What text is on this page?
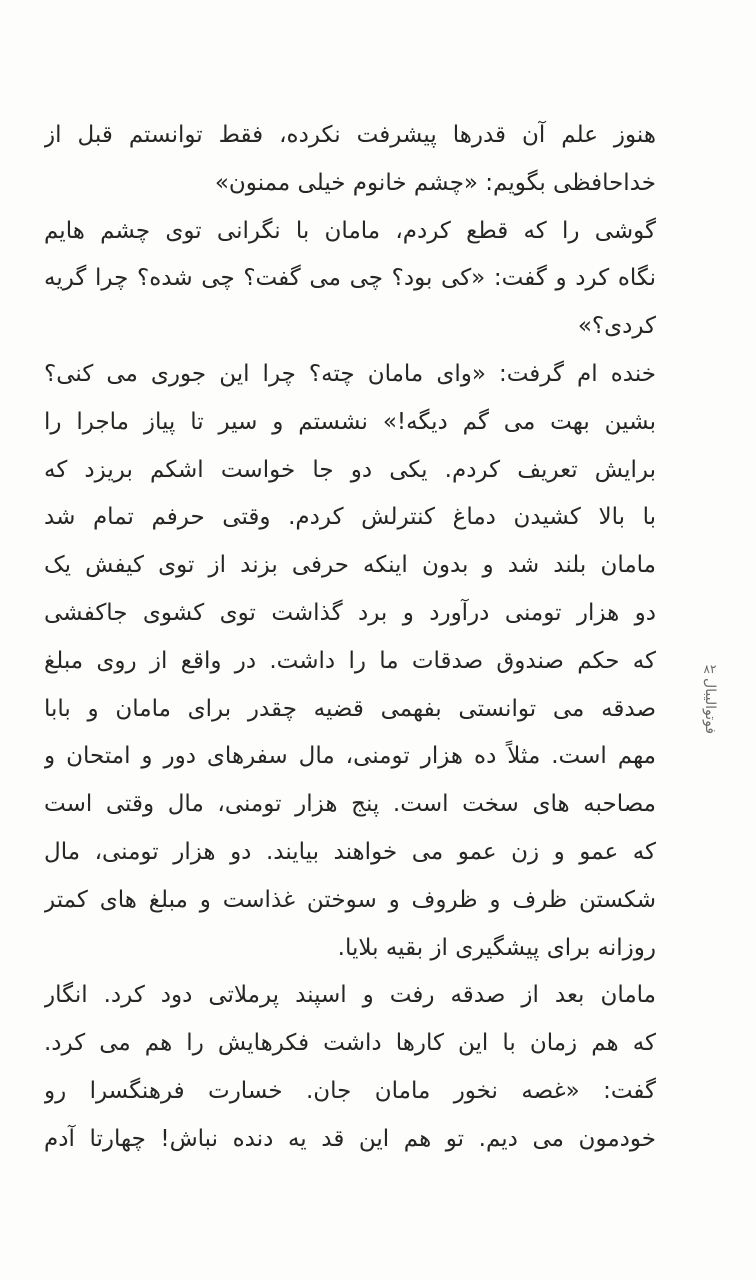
۸۲
فوتوالیبال
هنوز علم آن قدرها پیشرفت نکرده، فقط توانستم قبل از
خداحافظی بگویم: «چشم خانوم خیلی ممنون»
گوشی را که قطع کردم، مامان با نگرانی توی چشم هایم
نگاه کرد و گفت: «کی بود؟ چی می گفت؟ چی شده؟ چرا گریه
کردی؟»
خنده ام گرفت: «وای مامان چته؟ چرا این جوری می کنی؟
بشین بهت می گم دیگه!» نشستم و سیر تا پیاز ماجرا را
برایش تعریف کردم. یکی دو جا خواست اشکم بریزد که
با بالا کشیدن دماغ کنترلش کردم. وقتی حرفم تمام شد
مامان بلند شد و بدون اینکه حرفی بزند از توی کیفش یک
دو هزار تومنی درآورد و برد گذاشت توی کشوی جاکفشی
که حکم صندوق صدقات ما را داشت. در واقع از روی مبلغ
صدقه می توانستی بفهمی قضیه چقدر برای مامان و بابا
مهم است. مثلاً ده هزار تومنی، مال سفرهای دور و امتحان و
مصاحبه های سخت است. پنج هزار تومنی، مال وقتی است
که عمو و زن عمو می خواهند بیایند. دو هزار تومنی، مال
شکستن ظرف و ظروف و سوختن غذاست و مبلغ های کمتر
روزانه برای پیشگیری از بقیه بلایا.
مامان بعد از صدقه رفت و اسپند پرملاتی دود کرد. انگار
که هم زمان با این کارها داشت فکرهایش را هم می کرد.
گفت: «غصه نخور مامان جان. خسارت فرهنگسرا رو
خودمون می دیم. تو هم این قد یه دنده نباش! چهارتا آدم
